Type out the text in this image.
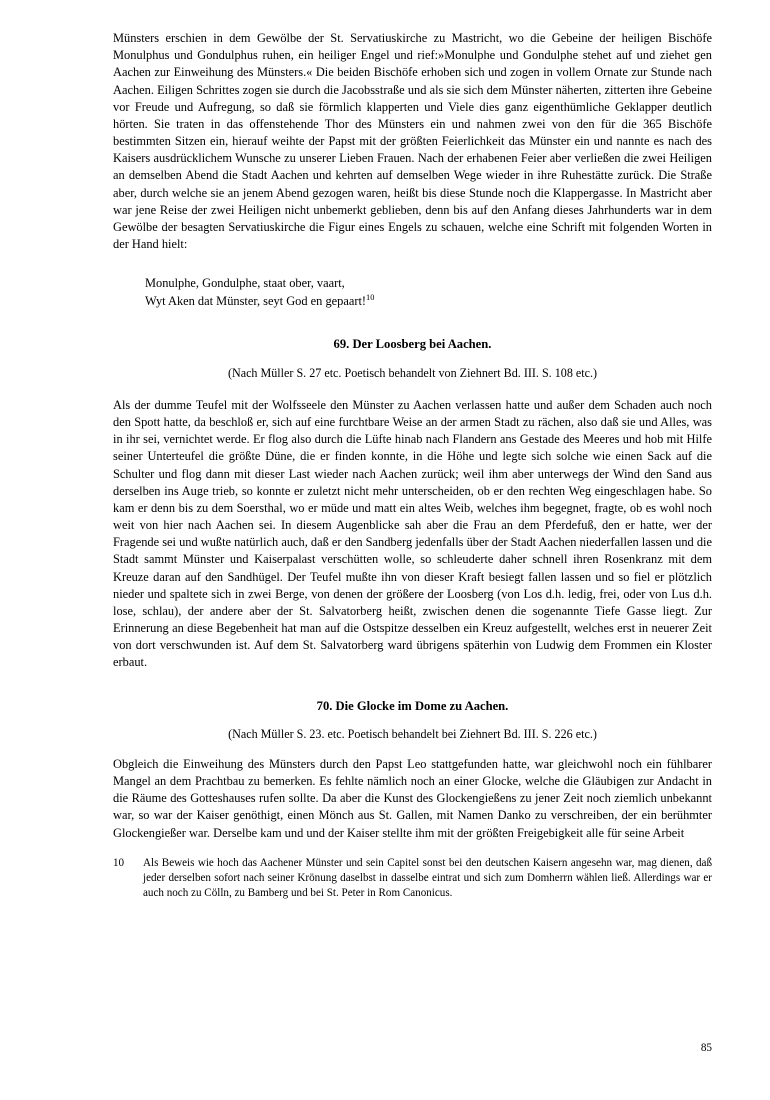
Münsters erschien in dem Gewölbe der St. Servatiuskirche zu Mastricht, wo die Gebeine der heiligen Bischöfe Monulphus und Gondulphus ruhen, ein heiliger Engel und rief:»Monulphe und Gondulphe stehet auf und ziehet gen Aachen zur Einweihung des Münsters.« Die beiden Bischöfe erhoben sich und zogen in vollem Ornate zur Stunde nach Aachen. Eiligen Schrittes zogen sie durch die Jacobsstraße und als sie sich dem Münster näherten, zitterten ihre Gebeine vor Freude und Aufregung, so daß sie förmlich klapperten und Viele dies ganz eigenthümliche Geklapper deutlich hörten. Sie traten in das offenstehende Thor des Münsters ein und nahmen zwei von den für die 365 Bischöfe bestimmten Sitzen ein, hierauf weihte der Papst mit der größten Feierlichkeit das Münster ein und nannte es nach des Kaisers ausdrücklichem Wunsche zu unserer Lieben Frauen. Nach der erhabenen Feier aber verließen die zwei Heiligen an demselben Abend die Stadt Aachen und kehrten auf demselben Wege wieder in ihre Ruhestätte zurück. Die Straße aber, durch welche sie an jenem Abend gezogen waren, heißt bis diese Stunde noch die Klappergasse. In Mastricht aber war jene Reise der zwei Heiligen nicht unbemerkt geblieben, denn bis auf den Anfang dieses Jahrhunderts war in dem Gewölbe der besagten Servatiuskirche die Figur eines Engels zu schauen, welche eine Schrift mit folgenden Worten in der Hand hielt:

Monulphe, Gondulphe, staat ober, vaart,
Wyt Aken dat Münster, seyt God en gepaart!$^{10}$
69. Der Loosberg bei Aachen.

(Nach Müller S. 27 etc. Poetisch behandelt von Ziehnert Bd. III. S. 108 etc.)

Als der dumme Teufel mit der Wolfsseele den Münster zu Aachen verlassen hatte und außer dem Schaden auch noch den Spott hatte, da beschloß er, sich auf eine furchtbare Weise an der armen Stadt zu rächen, also daß sie und Alles, was in ihr sei, vernichtet werde. Er flog also durch die Lüfte hinab nach Flandern ans Gestade des Meeres und hob mit Hilfe seiner Unterteufel die größte Düne, die er finden konnte, in die Höhe und legte sich solche wie einen Sack auf die Schulter und flog dann mit dieser Last wieder nach Aachen zurück; weil ihm aber unterwegs der Wind den Sand aus derselben ins Auge trieb, so konnte er zuletzt nicht mehr unterscheiden, ob er den rechten Weg eingeschlagen habe. So kam er denn bis zu dem Soersthal, wo er müde und matt ein altes Weib, welches ihm begegnet, fragte, ob es wohl noch weit von hier nach Aachen sei. In diesem Augenblicke sah aber die Frau an dem Pferdefuß, den er hatte, wer der Fragende sei und wußte natürlich auch, daß er den Sandberg jedenfalls über der Stadt Aachen niederfallen lassen und die Stadt sammt Münster und Kaiserpalast verschütten wolle, so schleuderte daher schnell ihren Rosenkranz mit dem Kreuze daran auf den Sandhügel. Der Teufel mußte ihn von dieser Kraft besiegt fallen lassen und so fiel er plötzlich nieder und spaltete sich in zwei Berge, von denen der größere der Loosberg (von Los d.h. ledig, frei, oder von Lus d.h. lose, schlau), der andere aber der St. Salvatorberg heißt, zwischen denen die sogenannte Tiefe Gasse liegt. Zur Erinnerung an diese Begebenheit hat man auf die Ostspitze desselben ein Kreuz aufgestellt, welches erst in neuerer Zeit von dort verschwunden ist. Auf dem St. Salvatorberg ward übrigens späterhin von Ludwig dem Frommen ein Kloster erbaut.

70. Die Glocke im Dome zu Aachen.

(Nach Müller S. 23. etc. Poetisch behandelt bei Ziehnert Bd. III. S. 226 etc.)

Obgleich die Einweihung des Münsters durch den Papst Leo stattgefunden hatte, war gleichwohl noch ein fühlbarer Mangel an dem Prachtbau zu bemerken. Es fehlte nämlich noch an einer Glocke, welche die Gläubigen zur Andacht in die Räume des Gotteshauses rufen sollte. Da aber die Kunst des Glockengießens zu jener Zeit noch ziemlich unbekannt war, so war der Kaiser genöthigt, einen Mönch aus St. Gallen, mit Namen Danko zu verschreiben, der ein berühmter Glockengießer war. Derselbe kam und und der Kaiser stellte ihm mit der größten Freigebigkeit alle für seine Arbeit

10	Als Beweis wie hoch das Aachener Münster und sein Capitel sonst bei den deutschen Kaisern angesehn war, mag dienen, daß jeder derselben sofort nach seiner Krönung daselbst in dasselbe eintrat und sich zum Domherrn wählen ließ. Allerdings war er auch noch zu Cölln, zu Bamberg und bei St. Peter in Rom Canonicus.
85
